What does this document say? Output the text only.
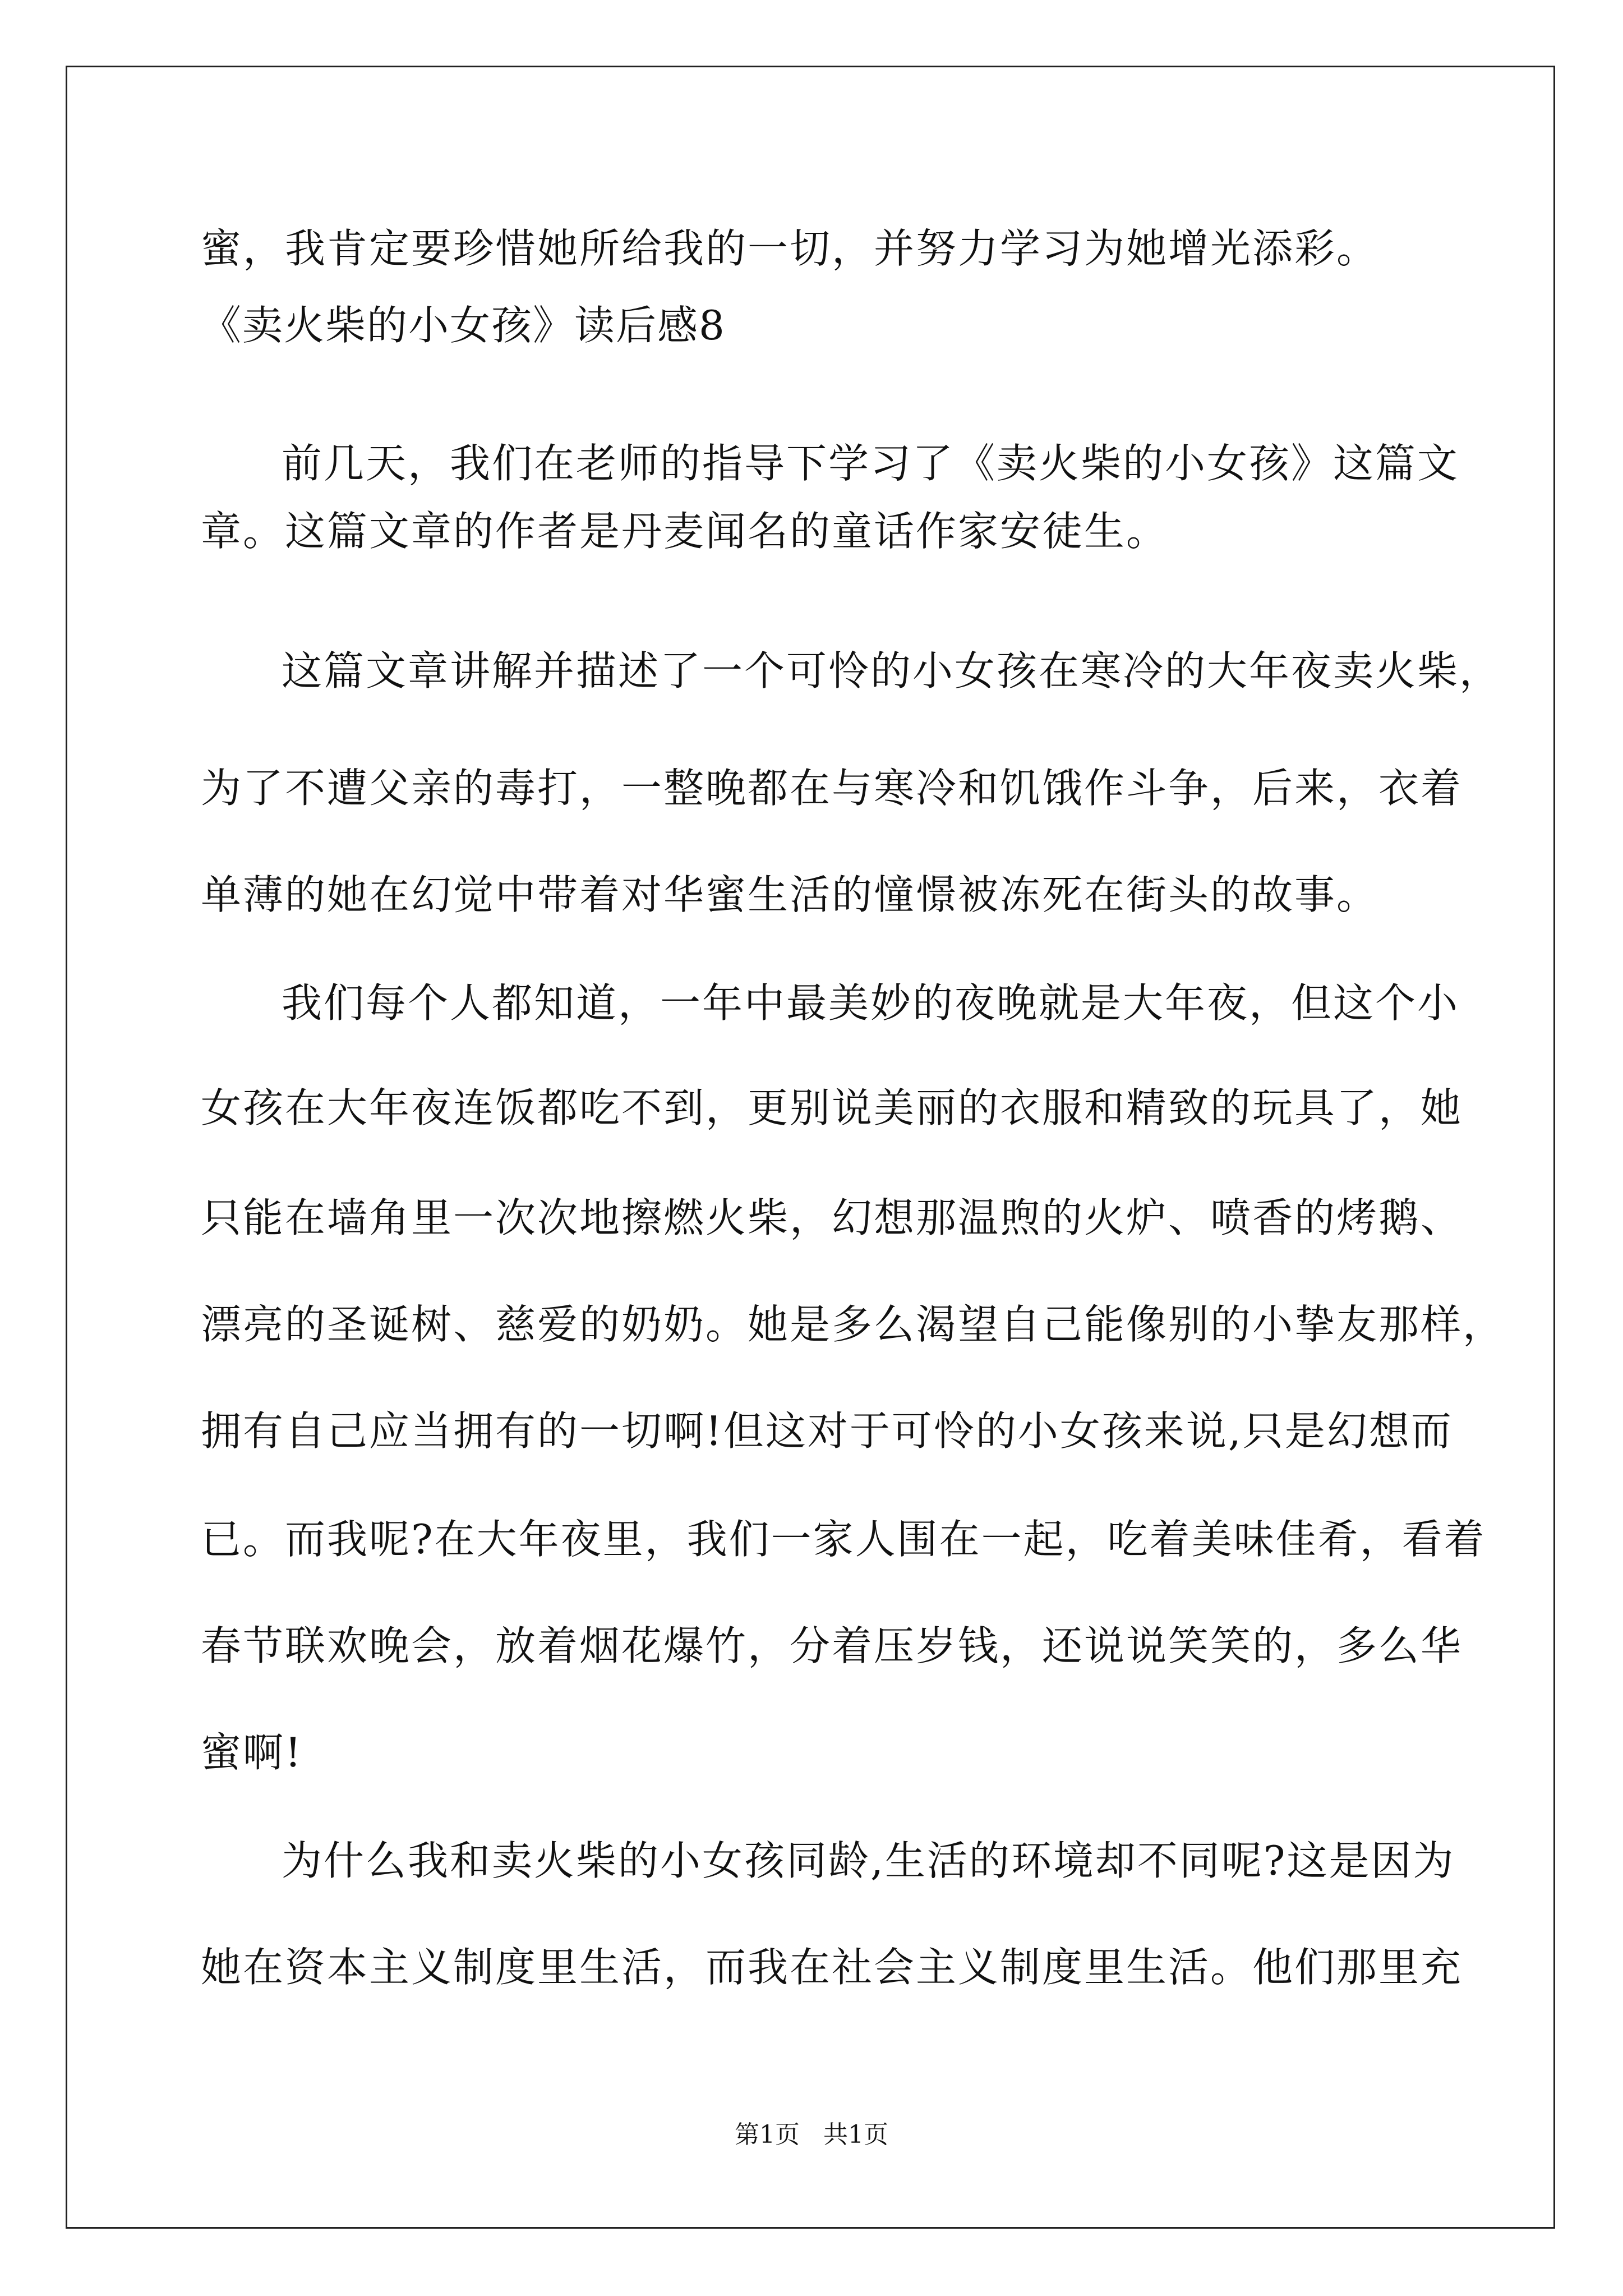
蜜，我肯定要珍惜她所给我的一切，并努力学习为她增光添彩。
《卖火柴的小女孩》读后感8
前几天，我们在老师的指导下学习了《卖火柴的小女孩》这篇文
章。这篇文章的作者是丹麦闻名的童话作家安徒生。
这篇文章讲解并描述了一个可怜的小女孩在寒冷的大年夜卖火柴，
为了不遭父亲的毒打，一整晚都在与寒冷和饥饿作斗争，后来，衣着
单薄的她在幻觉中带着对华蜜生活的憧憬被冻死在街头的故事。
我们每个人都知道，一年中最美妙的夜晚就是大年夜，但这个小
女孩在大年夜连饭都吃不到，更别说美丽的衣服和精致的玩具了，她
只能在墙角里一次次地擦燃火柴，幻想那温煦的火炉、喷香的烤鹅、
漂亮的圣诞树、慈爱的奶奶。她是多么渴望自己能像别的小挚友那样，
拥有自己应当拥有的一切啊!但这对于可怜的小女孩来说,只是幻想而
已。而我呢?在大年夜里，我们一家人围在一起，吃着美味佳肴，看着
春节联欢晚会，放着烟花爆竹，分着压岁钱，还说说笑笑的，多么华
蜜啊!
为什么我和卖火柴的小女孩同龄,生活的环境却不同呢?这是因为
她在资本主义制度里生活，而我在社会主义制度里生活。他们那里充
第1页   共1页
